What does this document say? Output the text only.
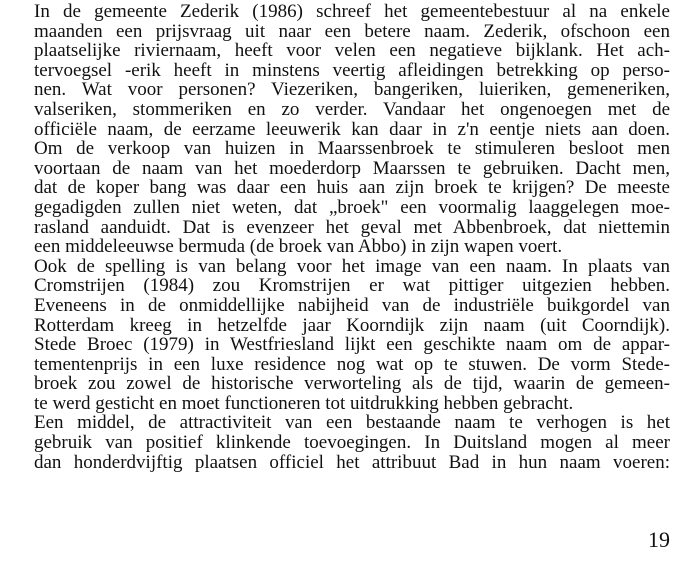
In de gemeente Zederik (1986) schreef het gemeentebestuur al na enkele
maanden een prijsvraag uit naar een betere naam. Zederik, ofschoon een
plaatselijke riviernaam, heeft voor velen een negatieve bijklank. Het ach-
tervoegsel -erik heeft in minstens veertig afleidingen betrekking op perso-
nen. Wat voor personen? Viezeriken, bangeriken, luieriken, gemeneriken,
valseriken, stommeriken en zo verder. Vandaar het ongenoegen met de
officiële naam, de eerzame leeuwerik kan daar in z'n eentje niets aan doen.
Om de verkoop van huizen in Maarssenbroek te stimuleren besloot men
voortaan de naam van het moederdorp Maarssen te gebruiken. Dacht men,
dat de koper bang was daar een huis aan zijn broek te krijgen? De meeste
gegadigden zullen niet weten, dat „broek" een voormalig laaggelegen moe-
rasland aanduidt. Dat is evenzeer het geval met Abbenbroek, dat niettemin
een middeleeuwse bermuda (de broek van Abbo) in zijn wapen voert.
Ook de spelling is van belang voor het image van een naam. In plaats van
Cromstrijen (1984) zou Kromstrijen er wat pittiger uitgezien hebben.
Eveneens in de onmiddellijke nabijheid van de industriële buikgordel van
Rotterdam kreeg in hetzelfde jaar Koorndijk zijn naam (uit Coorndijk).
Stede Broec (1979) in Westfriesland lijkt een geschikte naam om de appar-
tementenprijs in een luxe residence nog wat op te stuwen. De vorm Stede-
broek zou zowel de historische verworteling als de tijd, waarin de gemeen-
te werd gesticht en moet functioneren tot uitdrukking hebben gebracht.
Een middel, de attractiviteit van een bestaande naam te verhogen is het
gebruik van positief klinkende toevoegingen. In Duitsland mogen al meer
dan honderdvijftig plaatsen officiel het attribuut Bad in hun naam voeren:
19
